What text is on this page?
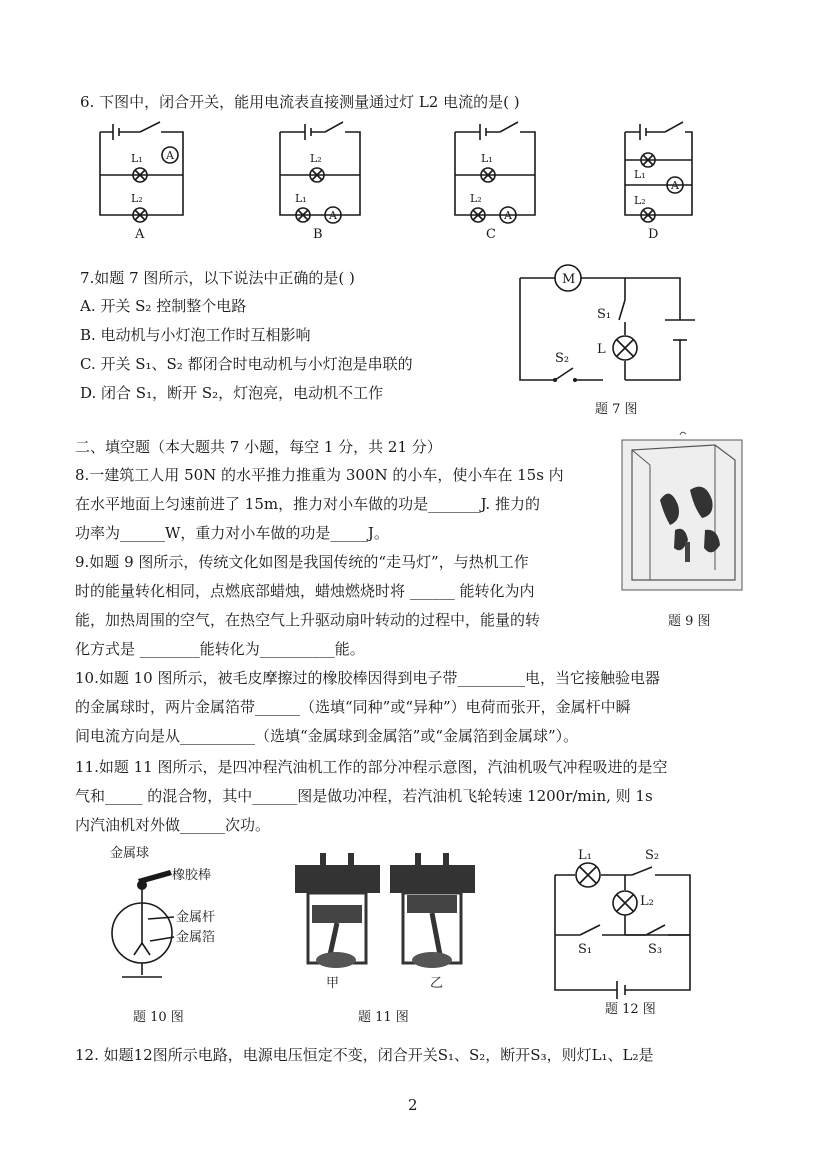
6. 下图中，闭合开关，能用电流表直接测量通过灯 L2 电流的是( )
A
L₁
L₂
A
A
L₂
L₁
B
A
L₁
L₂
C
A
L₁
L₂
D
7.如题 7 图所示，以下说法中正确的是( )
A. 开关 S₂ 控制整个电路
B. 电动机与小灯泡工作时互相影响
C. 开关 S₁、S₂ 都闭合时电动机与小灯泡是串联的
D. 闭合 S₁，断开 S₂，灯泡亮，电动机不工作
M
S₁
L
S₂
题 7 图
二、填空题（本大题共 7 小题，每空 1 分，共 21 分）
8.一建筑工人用 50N 的水平推力推重为 300N 的小车，使小车在 15s 内
在水平地面上匀速前进了 15m，推力对小车做的功是_______J. 推力的
功率为______W，重力对小车做的功是_____J。
9.如题 9 图所示，传统文化如图是我国传统的“走马灯”，与热机工作
时的能量转化相同，点燃底部蜡烛，蜡烛燃烧时将 ______ 能转化为内
能，加热周围的空气，在热空气上升驱动扇叶转动的过程中，能量的转
化方式是 ________能转化为__________能。
题 9 图
10.如题 10 图所示，被毛皮摩擦过的橡胶棒因得到电子带_________电，当它接触验电器
的金属球时，两片金属箔带______（选填“同种”或“异种”）电荷而张开，金属杆中瞬
间电流方向是从__________（选填“金属球到金属箔”或“金属箔到金属球”）。
11.如题 11 图所示，是四冲程汽油机工作的部分冲程示意图，汽油机吸气冲程吸进的是空
气和_____ 的混合物，其中______图是做功冲程，若汽油机飞轮转速 1200r/min, 则 1s
内汽油机对外做______次功。
金属球
橡胶棒
金属杆
金属箔
题 10 图
甲	乙
题 11 图
L₁	S₂
L₂
S₁	S₃
题 12 图
12. 如题12图所示电路，电源电压恒定不变，闭合开关S₁、S₂，断开S₃，则灯L₁、L₂是
2
